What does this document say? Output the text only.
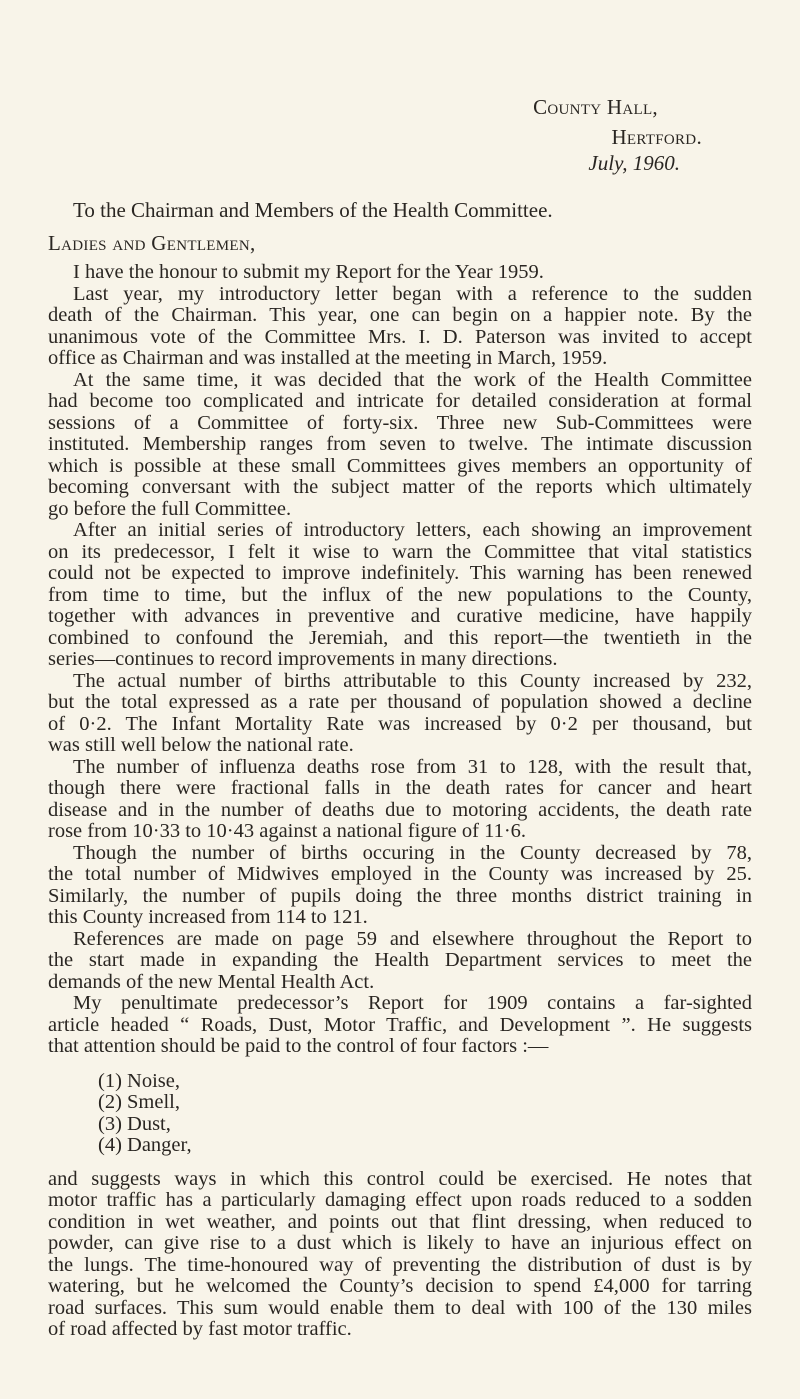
County Hall,
Hertford.
July, 1960.
To the Chairman and Members of the Health Committee.
Ladies and Gentlemen,
I have the honour to submit my Report for the Year 1959.
Last year, my introductory letter began with a reference to the sudden
death of the Chairman. This year, one can begin on a happier note. By the
unanimous vote of the Committee Mrs. I. D. Paterson was invited to accept
office as Chairman and was installed at the meeting in March, 1959.
At the same time, it was decided that the work of the Health Committee
had become too complicated and intricate for detailed consideration at formal
sessions of a Committee of forty-six. Three new Sub-Committees were
instituted. Membership ranges from seven to twelve. The intimate discussion
which is possible at these small Committees gives members an opportunity of
becoming conversant with the subject matter of the reports which ultimately
go before the full Committee.
After an initial series of introductory letters, each showing an improvement
on its predecessor, I felt it wise to warn the Committee that vital statistics
could not be expected to improve indefinitely. This warning has been renewed
from time to time, but the influx of the new populations to the County,
together with advances in preventive and curative medicine, have happily
combined to confound the Jeremiah, and this report—the twentieth in the
series—continues to record improvements in many directions.
The actual number of births attributable to this County increased by 232,
but the total expressed as a rate per thousand of population showed a decline
of 0·2. The Infant Mortality Rate was increased by 0·2 per thousand, but
was still well below the national rate.
The number of influenza deaths rose from 31 to 128, with the result that,
though there were fractional falls in the death rates for cancer and heart
disease and in the number of deaths due to motoring accidents, the death rate
rose from 10·33 to 10·43 against a national figure of 11·6.
Though the number of births occuring in the County decreased by 78,
the total number of Midwives employed in the County was increased by 25.
Similarly, the number of pupils doing the three months district training in
this County increased from 114 to 121.
References are made on page 59 and elsewhere throughout the Report to
the start made in expanding the Health Department services to meet the
demands of the new Mental Health Act.
My penultimate predecessor’s Report for 1909 contains a far-sighted
article headed “ Roads, Dust, Motor Traffic, and Development ”. He suggests
that attention should be paid to the control of four factors :—
(1) Noise,
(2) Smell,
(3) Dust,
(4) Danger,
and suggests ways in which this control could be exercised. He notes that
motor traffic has a particularly damaging effect upon roads reduced to a sodden
condition in wet weather, and points out that flint dressing, when reduced to
powder, can give rise to a dust which is likely to have an injurious effect on
the lungs. The time-honoured way of preventing the distribution of dust is by
watering, but he welcomed the County’s decision to spend £4,000 for tarring
road surfaces. This sum would enable them to deal with 100 of the 130 miles
of road affected by fast motor traffic.
